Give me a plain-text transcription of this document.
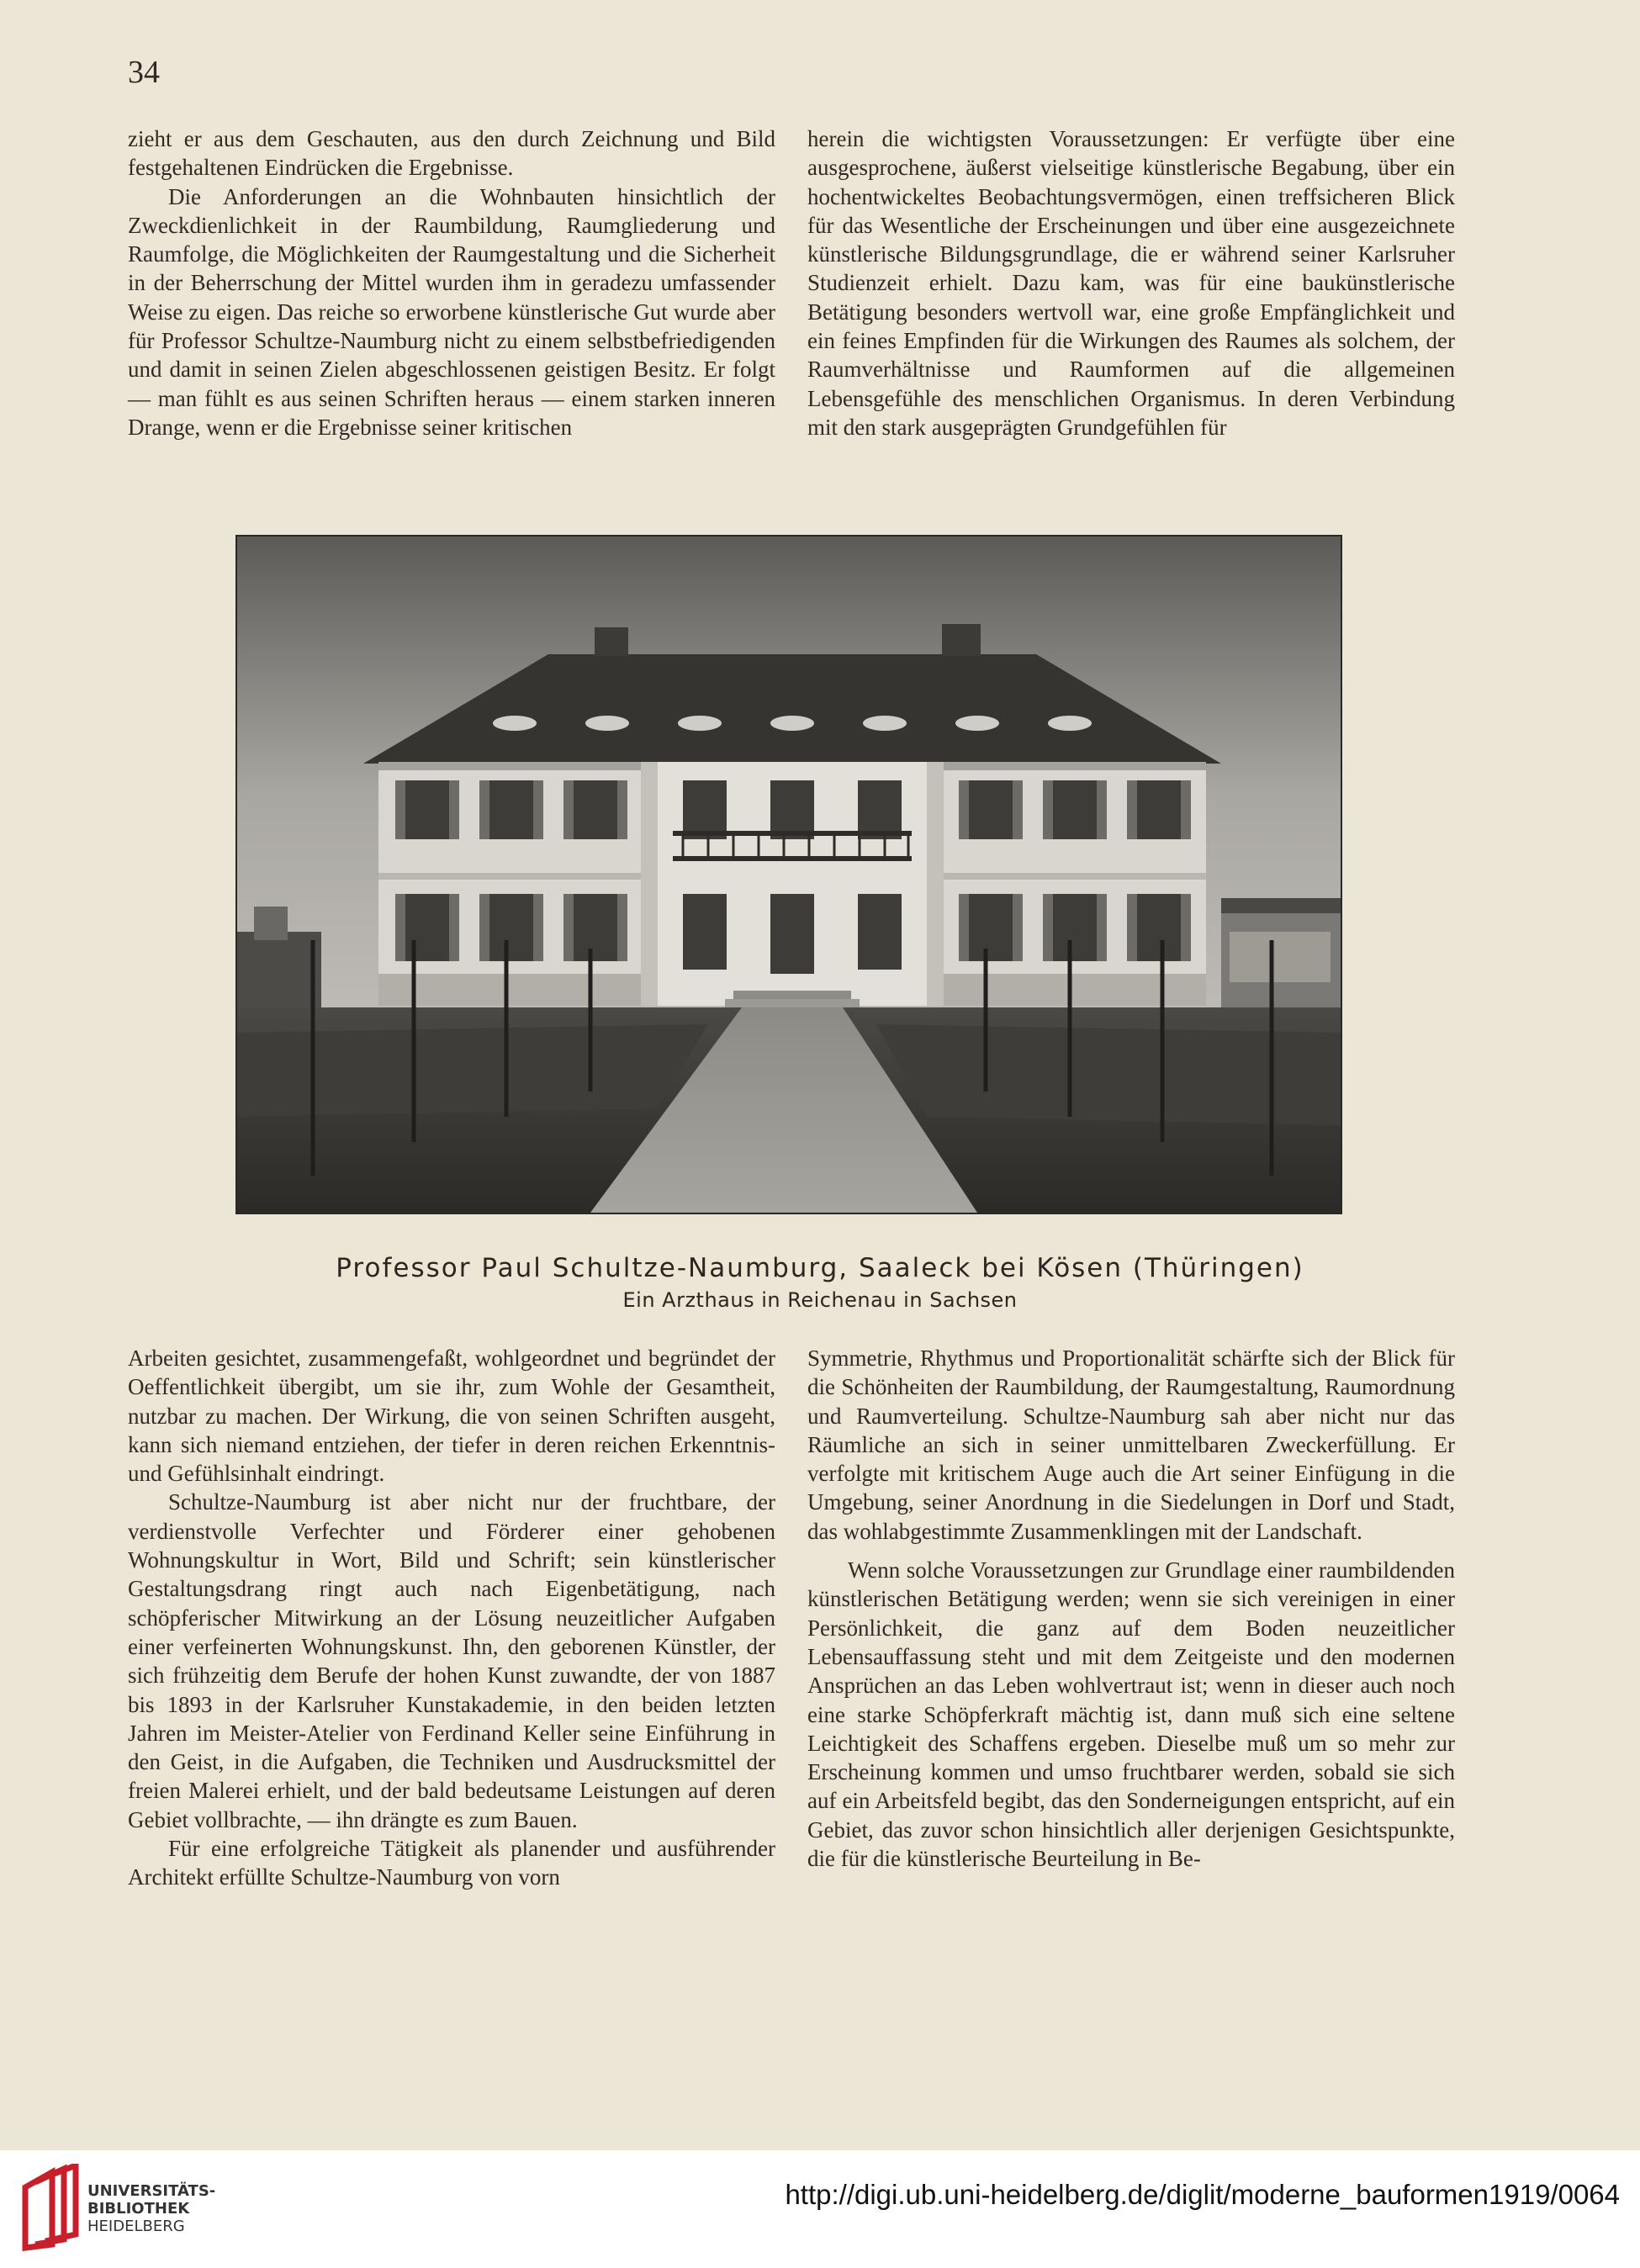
34

zieht er aus dem Geschauten, aus den durch Zeichnung und Bild festgehaltenen Eindrücken die Ergebnisse.

Die Anforderungen an die Wohnbauten hinsichtlich der Zweckdienlichkeit in der Raumbildung, Raumgliederung und Raumfolge, die Möglichkeiten der Raumgestaltung und die Sicherheit in der Beherrschung der Mittel wurden ihm in geradezu umfassender Weise zu eigen. Das reiche so erworbene künstlerische Gut wurde aber für Professor Schultze-Naumburg nicht zu einem selbstbefriedigenden und damit in seinen Zielen abgeschlossenen geistigen Besitz. Er folgt — man fühlt es aus seinen Schriften heraus — einem starken inneren Drange, wenn er die Ergebnisse seiner kritischen

herein die wichtigsten Voraussetzungen: Er verfügte über eine ausgesprochene, äußerst vielseitige künstlerische Begabung, über ein hochentwickeltes Beobachtungsvermögen, einen treffsicheren Blick für das Wesentliche der Erscheinungen und über eine ausgezeichnete künstlerische Bildungsgrundlage, die er während seiner Karlsruher Studienzeit erhielt. Dazu kam, was für eine baukünstlerische Betätigung besonders wertvoll war, eine große Empfänglichkeit und ein feines Empfinden für die Wirkungen des Raumes als solchem, der Raumverhältnisse und Raumformen auf die allgemeinen Lebensgefühle des menschlichen Organismus. In deren Verbindung mit den stark ausgeprägten Grundgefühlen für

Professor Paul Schultze-Naumburg, Saaleck bei Kösen (Thüringen)
Ein Arzthaus in Reichenau in Sachsen

Arbeiten gesichtet, zusammengefaßt, wohlgeordnet und begründet der Oeffentlichkeit übergibt, um sie ihr, zum Wohle der Gesamtheit, nutzbar zu machen. Der Wirkung, die von seinen Schriften ausgeht, kann sich niemand entziehen, der tiefer in deren reichen Erkenntnis- und Gefühlsinhalt eindringt.

Schultze-Naumburg ist aber nicht nur der fruchtbare, der verdienstvolle Verfechter und Förderer einer gehobenen Wohnungskultur in Wort, Bild und Schrift; sein künstlerischer Gestaltungsdrang ringt auch nach Eigenbetätigung, nach schöpferischer Mitwirkung an der Lösung neuzeitlicher Aufgaben einer verfeinerten Wohnungskunst. Ihn, den geborenen Künstler, der sich frühzeitig dem Berufe der hohen Kunst zuwandte, der von 1887 bis 1893 in der Karlsruher Kunstakademie, in den beiden letzten Jahren im Meister-Atelier von Ferdinand Keller seine Einführung in den Geist, in die Aufgaben, die Techniken und Ausdrucksmittel der freien Malerei erhielt, und der bald bedeutsame Leistungen auf deren Gebiet vollbrachte, — ihn drängte es zum Bauen.

Für eine erfolgreiche Tätigkeit als planender und ausführender Architekt erfüllte Schultze-Naumburg von vorn

Symmetrie, Rhythmus und Proportionalität schärfte sich der Blick für die Schönheiten der Raumbildung, der Raumgestaltung, Raumordnung und Raumverteilung. Schultze-Naumburg sah aber nicht nur das Räumliche an sich in seiner unmittelbaren Zweckerfüllung. Er verfolgte mit kritischem Auge auch die Art seiner Einfügung in die Umgebung, seiner Anordnung in die Siedelungen in Dorf und Stadt, das wohlabgestimmte Zusammenklingen mit der Landschaft.

Wenn solche Voraussetzungen zur Grundlage einer raumbildenden künstlerischen Betätigung werden; wenn sie sich vereinigen in einer Persönlichkeit, die ganz auf dem Boden neuzeitlicher Lebensauffassung steht und mit dem Zeitgeiste und den modernen Ansprüchen an das Leben wohlvertraut ist; wenn in dieser auch noch eine starke Schöpferkraft mächtig ist, dann muß sich eine seltene Leichtigkeit des Schaffens ergeben. Dieselbe muß um so mehr zur Erscheinung kommen und umso fruchtbarer werden, sobald sie sich auf ein Arbeitsfeld begibt, das den Sonderneigungen entspricht, auf ein Gebiet, das zuvor schon hinsichtlich aller derjenigen Gesichtspunkte, die für die künstlerische Beurteilung in Be-

UNIVERSITÄTS-
BIBLIOTHEK
HEIDELBERG
http://digi.ub.uni-heidelberg.de/diglit/moderne_bauformen1919/0064
